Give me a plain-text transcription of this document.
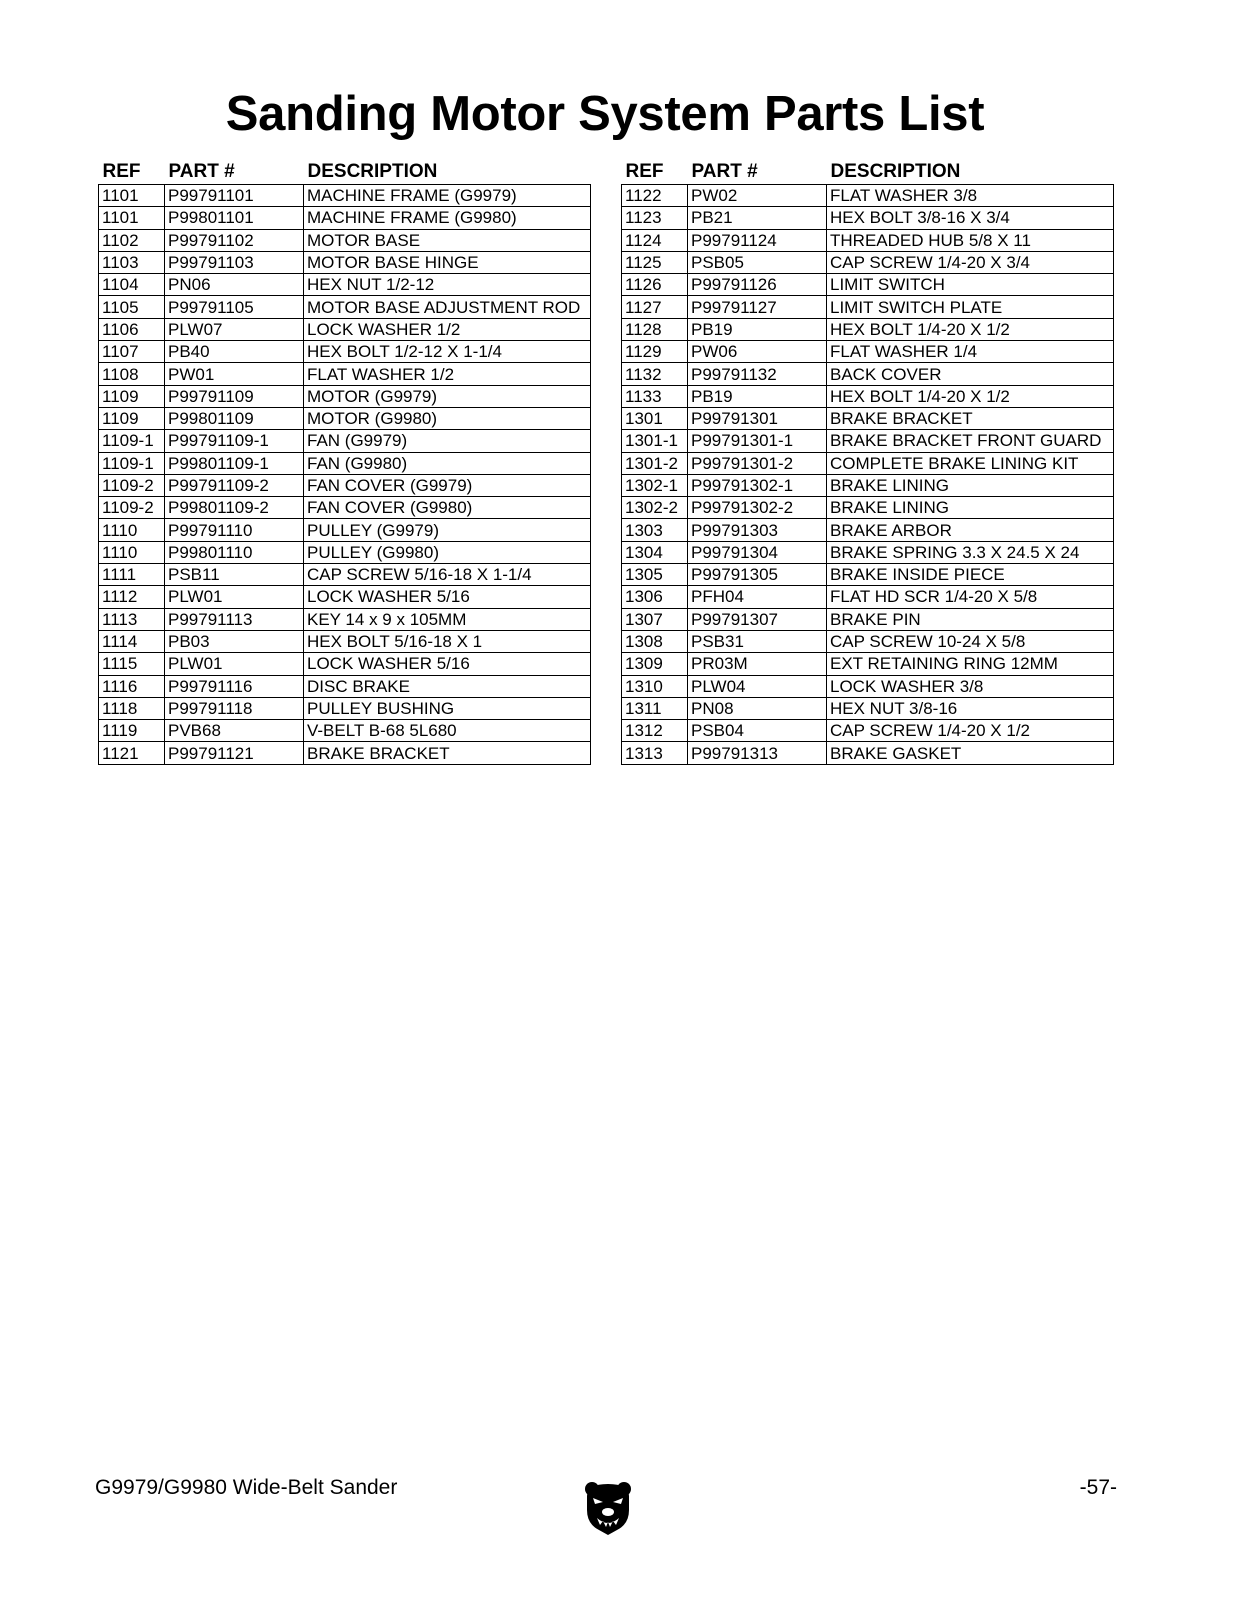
Sanding Motor System Parts List
REF	PART #	DESCRIPTION
1101	P99791101	MACHINE FRAME (G9979)
1101	P99801101	MACHINE FRAME (G9980)
1102	P99791102	MOTOR BASE
1103	P99791103	MOTOR BASE HINGE
1104	PN06	HEX NUT 1/2-12
1105	P99791105	MOTOR BASE ADJUSTMENT ROD
1106	PLW07	LOCK WASHER 1/2
1107	PB40	HEX BOLT 1/2-12 X 1-1/4
1108	PW01	FLAT WASHER 1/2
1109	P99791109	MOTOR (G9979)
1109	P99801109	MOTOR (G9980)
1109-1	P99791109-1	FAN (G9979)
1109-1	P99801109-1	FAN (G9980)
1109-2	P99791109-2	FAN COVER (G9979)
1109-2	P99801109-2	FAN COVER (G9980)
1110	P99791110	PULLEY (G9979)
1110	P99801110	PULLEY (G9980)
1111	PSB11	CAP SCREW 5/16-18 X 1-1/4
1112	PLW01	LOCK WASHER 5/16
1113	P99791113	KEY 14 x 9 x 105MM
1114	PB03	HEX BOLT 5/16-18 X 1
1115	PLW01	LOCK WASHER 5/16
1116	P99791116	DISC BRAKE
1118	P99791118	PULLEY BUSHING
1119	PVB68	V-BELT B-68 5L680
1121	P99791121	BRAKE BRACKET
REF	PART #	DESCRIPTION
1122	PW02	FLAT WASHER 3/8
1123	PB21	HEX BOLT 3/8-16 X 3/4
1124	P99791124	THREADED HUB 5/8 X 11
1125	PSB05	CAP SCREW 1/4-20 X 3/4
1126	P99791126	LIMIT SWITCH
1127	P99791127	LIMIT SWITCH PLATE
1128	PB19	HEX BOLT 1/4-20 X 1/2
1129	PW06	FLAT WASHER 1/4
1132	P99791132	BACK COVER
1133	PB19	HEX BOLT 1/4-20 X 1/2
1301	P99791301	BRAKE BRACKET
1301-1	P99791301-1	BRAKE BRACKET FRONT GUARD
1301-2	P99791301-2	COMPLETE BRAKE LINING KIT
1302-1	P99791302-1	BRAKE LINING
1302-2	P99791302-2	BRAKE LINING
1303	P99791303	BRAKE ARBOR
1304	P99791304	BRAKE SPRING 3.3 X 24.5 X 24
1305	P99791305	BRAKE INSIDE PIECE
1306	PFH04	FLAT HD SCR 1/4-20 X 5/8
1307	P99791307	BRAKE PIN
1308	PSB31	CAP SCREW 10-24 X 5/8
1309	PR03M	EXT RETAINING RING 12MM
1310	PLW04	LOCK WASHER 3/8
1311	PN08	HEX NUT 3/8-16
1312	PSB04	CAP SCREW 1/4-20 X 1/2
1313	P99791313	BRAKE GASKET
G9979/G9980 Wide-Belt Sander	-57-
